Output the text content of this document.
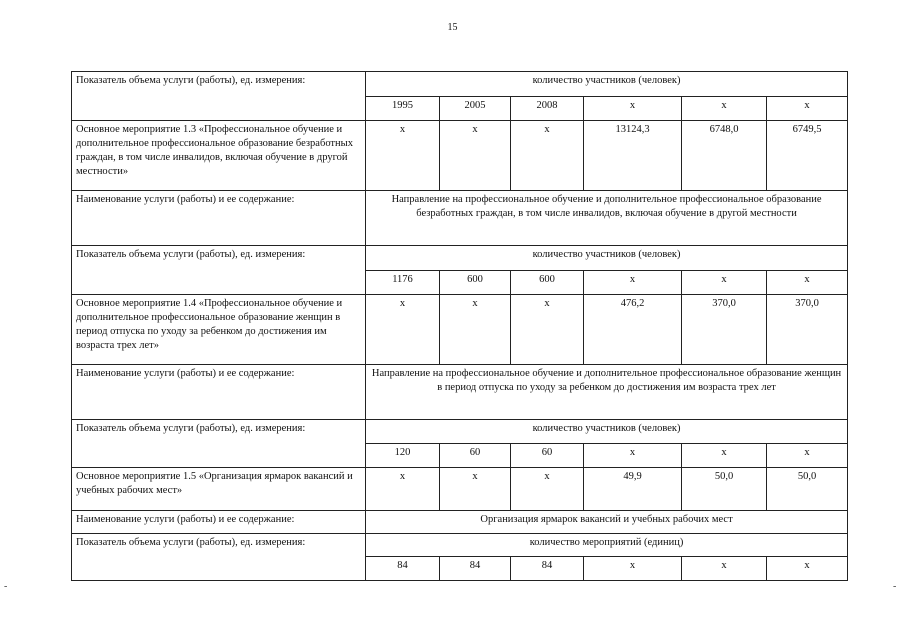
15
-	-
Показатель объема услуги (работы), ед. измерения:	количество участников (человек)					
	1995	2005	2008	х	х	х
Основное мероприятие 1.3 «Профессиональное обучение и дополнительное профессиональное образование безработных граждан, в том числе инвалидов, включая обучение в другой местности»	х	х	х	13124,3	6748,0	6749,5
Наименование услуги (работы) и ее содержание:	Направление на профессиональное обучение и дополнительное профессиональное образование безработных граждан, в том числе инвалидов, включая обучение в другой местности					
Показатель объема услуги (работы), ед. измерения:	количество участников (человек)					
	1176	600	600	х	х	х
Основное мероприятие 1.4 «Профессиональное обучение и дополнительное профессиональное образование женщин в период отпуска по уходу за ребенком до достижения им возраста трех лет»	х	х	х	476,2	370,0	370,0
Наименование услуги (работы) и ее содержание:	Направление на профессиональное обучение и дополнительное профессиональное образование женщин в период отпуска по уходу за ребенком до достижения им возраста трех лет					
Показатель объема услуги (работы), ед. измерения:	количество участников (человек)					
	120	60	60	х	х	х
Основное мероприятие 1.5 «Организация ярмарок вакансий и учебных рабочих мест»	х	х	х	49,9	50,0	50,0
Наименование услуги (работы) и ее содержание:	Организация ярмарок вакансий и учебных рабочих мест					
Показатель объема услуги (работы), ед. измерения:	количество мероприятий (единиц)					
	84	84	84	х	х	х
